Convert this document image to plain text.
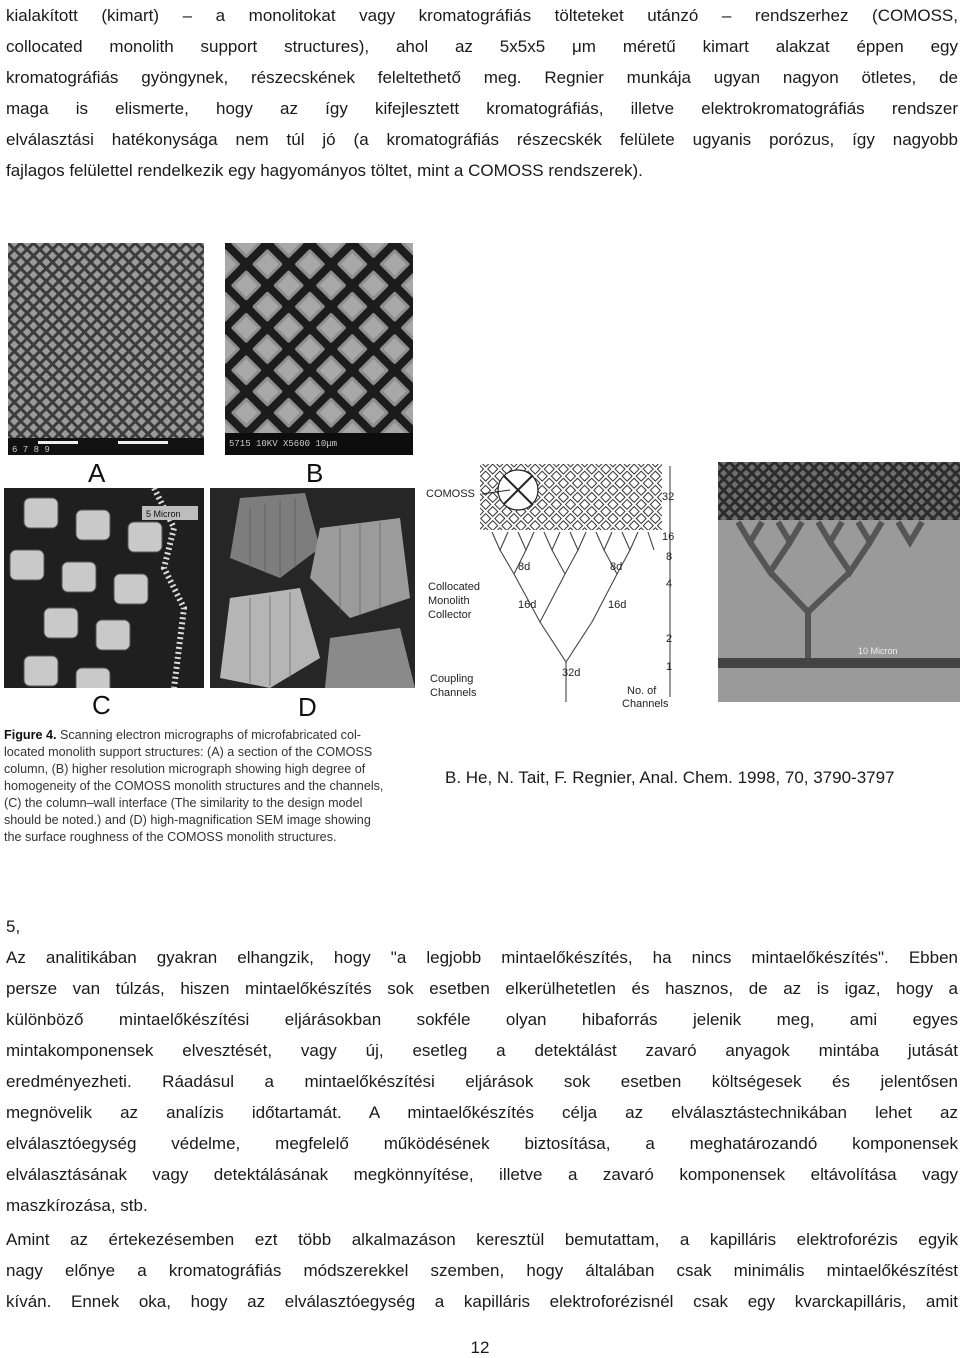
kialakított (kimart) – a monolitokat vagy kromatográfiás tölteteket utánzó – rendszerhez (COMOSS,
collocated monolith support structures), ahol az 5x5x5 μm méretű kimart alakzat éppen egy
kromatográfiás gyöngynek, részecskének feleltethető meg. Regnier munkája ugyan nagyon ötletes, de
maga is elismerte, hogy az így kifejlesztett kromatográfiás, illetve elektrokromatográfiás rendszer
elválasztási hatékonysága nem túl jó (a kromatográfiás részecskék felülete ugyanis porózus, így nagyobb
fajlagos felülettel rendelkezik egy hagyományos töltet, mint a COMOSS rendszerek).
6 7 8 9
5715 10KV X5600 10μm
A	B
5 Micron
C	D
Figure 4. Scanning electron micrographs of microfabricated col-
located monolith support structures: (A) a section of the COMOSS
column, (B) higher resolution micrograph showing high degree of
homogeneity of the COMOSS monolith structures and the channels,
(C) the column–wall interface (The similarity to the design model
should be noted.) and (D) high-magnification SEM image showing
the surface roughness of the COMOSS monolith structures.
COMOSS
Collocated
Monolith
Collector
Coupling
Channels	No. of
Channels
32
16
8
4
2
1
8d	8d
16d	16d
32d
10 Micron
B. He, N. Tait, F. Regnier, Anal. Chem. 1998, 70, 3790-3797
5,
Az analitikában gyakran elhangzik, hogy "a legjobb mintaelőkészítés, ha nincs mintaelőkészítés". Ebben
persze van túlzás, hiszen mintaelőkészítés sok esetben elkerülhetetlen és hasznos, de az is igaz, hogy a
különböző mintaelőkészítési eljárásokban sokféle olyan hibaforrás jelenik meg, ami egyes
mintakomponensek elvesztését, vagy új, esetleg a detektálást zavaró anyagok mintába jutását
eredményezheti. Ráadásul a mintaelőkészítési eljárások sok esetben költségesek és jelentősen
megnövelik az analízis időtartamát. A mintaelőkészítés célja az elválasztástechnikában lehet az
elválasztóegység védelme, megfelelő működésének biztosítása, a meghatározandó komponensek
elválasztásának vagy detektálásának megkönnyítése, illetve a zavaró komponensek eltávolítása vagy
maszkírozása, stb.
Amint az értekezésemben ezt több alkalmazáson keresztül bemutattam, a kapilláris elektroforézis egyik
nagy előnye a kromatográfiás módszerekkel szemben, hogy általában csak minimális mintaelőkészítést
kíván. Ennek oka, hogy az elválasztóegység a kapilláris elektroforézisnél csak egy kvarckapilláris, amit
12
